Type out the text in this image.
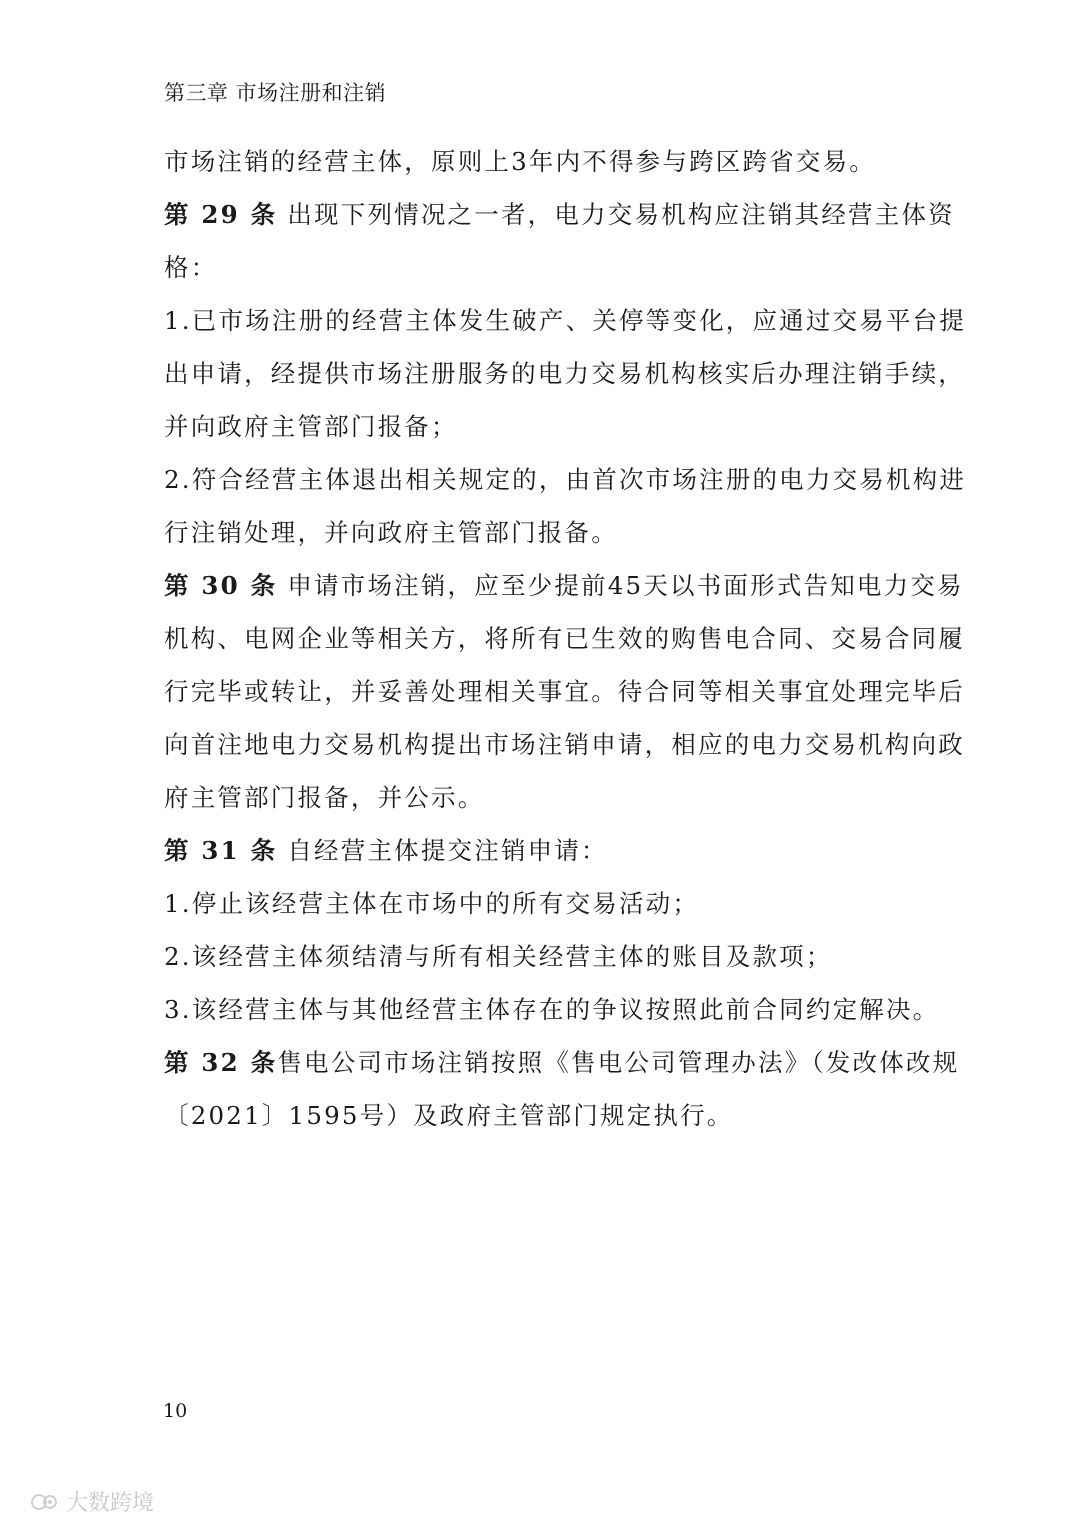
第三章 市场注册和注销
市场注销的经营主体，原则上3年内不得参与跨区跨省交易。
第 29 条 出现下列情况之一者，电力交易机构应注销其经营主体资
格：
1.已市场注册的经营主体发生破产、关停等变化，应通过交易平台提
出申请，经提供市场注册服务的电力交易机构核实后办理注销手续，
并向政府主管部门报备；
2.符合经营主体退出相关规定的，由首次市场注册的电力交易机构进
行注销处理，并向政府主管部门报备。
第 30 条 申请市场注销，应至少提前45天以书面形式告知电力交易
机构、电网企业等相关方，将所有已生效的购售电合同、交易合同履
行完毕或转让，并妥善处理相关事宜。待合同等相关事宜处理完毕后
向首注地电力交易机构提出市场注销申请，相应的电力交易机构向政
府主管部门报备，并公示。
第 31 条 自经营主体提交注销申请：
1.停止该经营主体在市场中的所有交易活动；
2.该经营主体须结清与所有相关经营主体的账目及款项；
3.该经营主体与其他经营主体存在的争议按照此前合同约定解决。
第 32 条售电公司市场注销按照《售电公司管理办法》（发改体改规
〔2021〕1595号）及政府主管部门规定执行。
10
大数跨境
